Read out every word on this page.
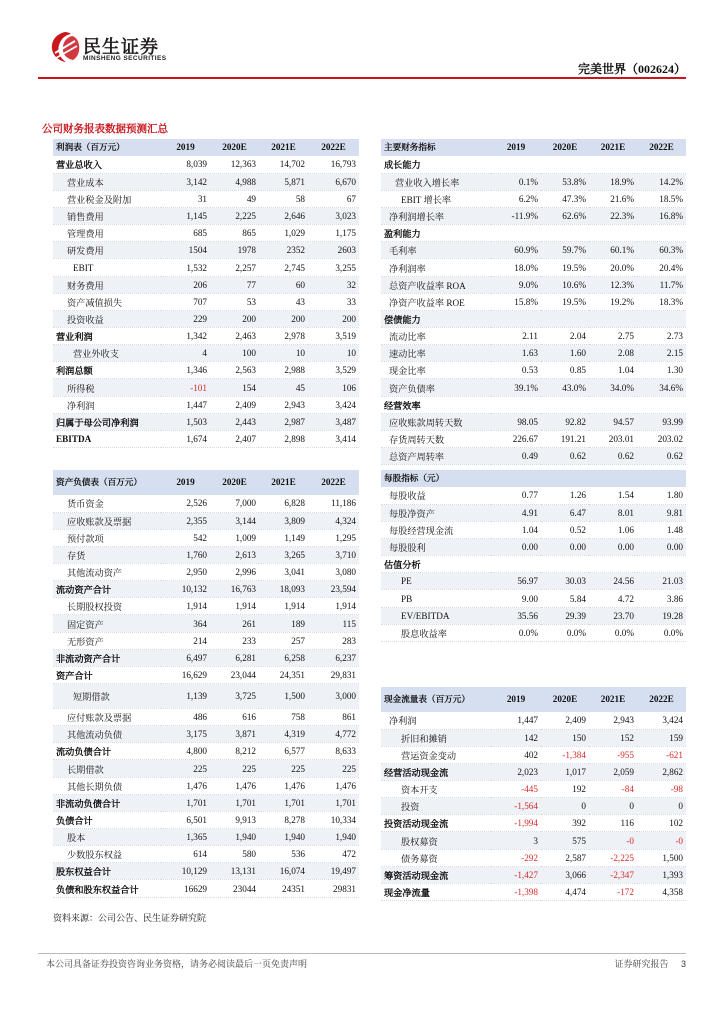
民生证券
MINSHENG SECURITIES
完美世界（002624）
公司财务报表数据预测汇总
利润表（百万元）	2019	2020E	2021E	2022E
营业总收入	8,039	12,363	14,702	16,793
营业成本	3,142	4,988	5,871	6,670
营业税金及附加	31	49	58	67
销售费用	1,145	2,225	2,646	3,023
管理费用	685	865	1,029	1,175
研发费用	1504	1978	2352	2603
EBIT	1,532	2,257	2,745	3,255
财务费用	206	77	60	32
资产减值损失	707	53	43	33
投资收益	229	200	200	200
营业利润	1,342	2,463	2,978	3,519
营业外收支	4	100	10	10
利润总额	1,346	2,563	2,988	3,529
所得税	-101	154	45	106
净利润	1,447	2,409	2,943	3,424
归属于母公司净利润	1,503	2,443	2,987	3,487
EBITDA	1,674	2,407	2,898	3,414
主要财务指标	2019	2020E	2021E	2022E
成长能力				
营业收入增长率	0.1%	53.8%	18.9%	14.2%
EBIT 增长率	6.2%	47.3%	21.6%	18.5%
净利润增长率	-11.9%	62.6%	22.3%	16.8%
盈利能力				
毛利率	60.9%	59.7%	60.1%	60.3%
净利润率	18.0%	19.5%	20.0%	20.4%
总资产收益率 ROA	9.0%	10.6%	12.3%	11.7%
净资产收益率 ROE	15.8%	19.5%	19.2%	18.3%
偿债能力				
流动比率	2.11	2.04	2.75	2.73
速动比率	1.63	1.60	2.08	2.15
现金比率	0.53	0.85	1.04	1.30
资产负债率	39.1%	43.0%	34.0%	34.6%
经营效率				
应收账款周转天数	98.05	92.82	94.57	93.99
存货周转天数	226.67	191.21	203.01	203.02
总资产周转率	0.49	0.62	0.62	0.62
资产负债表（百万元）	2019	2020E	2021E	2022E
货币资金	2,526	7,000	6,828	11,186
应收账款及票据	2,355	3,144	3,809	4,324
预付款项	542	1,009	1,149	1,295
存货	1,760	2,613	3,265	3,710
其他流动资产	2,950	2,996	3,041	3,080
流动资产合计	10,132	16,763	18,093	23,594
长期股权投资	1,914	1,914	1,914	1,914
固定资产	364	261	189	115
无形资产	214	233	257	283
非流动资产合计	6,497	6,281	6,258	6,237
资产合计	16,629	23,044	24,351	29,831
短期借款	1,139	3,725	1,500	3,000
应付账款及票据	486	616	758	861
其他流动负债	3,175	3,871	4,319	4,772
流动负债合计	4,800	8,212	6,577	8,633
长期借款	225	225	225	225
其他长期负债	1,476	1,476	1,476	1,476
非流动负债合计	1,701	1,701	1,701	1,701
负债合计	6,501	9,913	8,278	10,334
股本	1,365	1,940	1,940	1,940
少数股东权益	614	580	536	472
股东权益合计	10,129	13,131	16,074	19,497
负债和股东权益合计	16629	23044	24351	29831
每股指标（元）				
每股收益	0.77	1.26	1.54	1.80
每股净资产	4.91	6.47	8.01	9.81
每股经营现金流	1.04	0.52	1.06	1.48
每股股利	0.00	0.00	0.00	0.00
估值分析				
PE	56.97	30.03	24.56	21.03
PB	9.00	5.84	4.72	3.86
EV/EBITDA	35.56	29.39	23.70	19.28
股息收益率	0.0%	0.0%	0.0%	0.0%
现金流量表（百万元）	2019	2020E	2021E	2022E
净利润	1,447	2,409	2,943	3,424
折旧和摊销	142	150	152	159
营运资金变动	402	-1,384	-955	-621
经营活动现金流	2,023	1,017	2,059	2,862
资本开支	-445	192	-84	-98
投资	-1,564	0	0	0
投资活动现金流	-1,994	392	116	102
股权募资	3	575	-0	-0
债务募资	-292	2,587	-2,225	1,500
筹资活动现金流	-1,427	3,066	-2,347	1,393
现金净流量	-1,398	4,474	-172	4,358
资料来源：公司公告、民生证券研究院
本公司具备证券投资咨询业务资格，请务必阅读最后一页免责声明	证券研究报告 3
